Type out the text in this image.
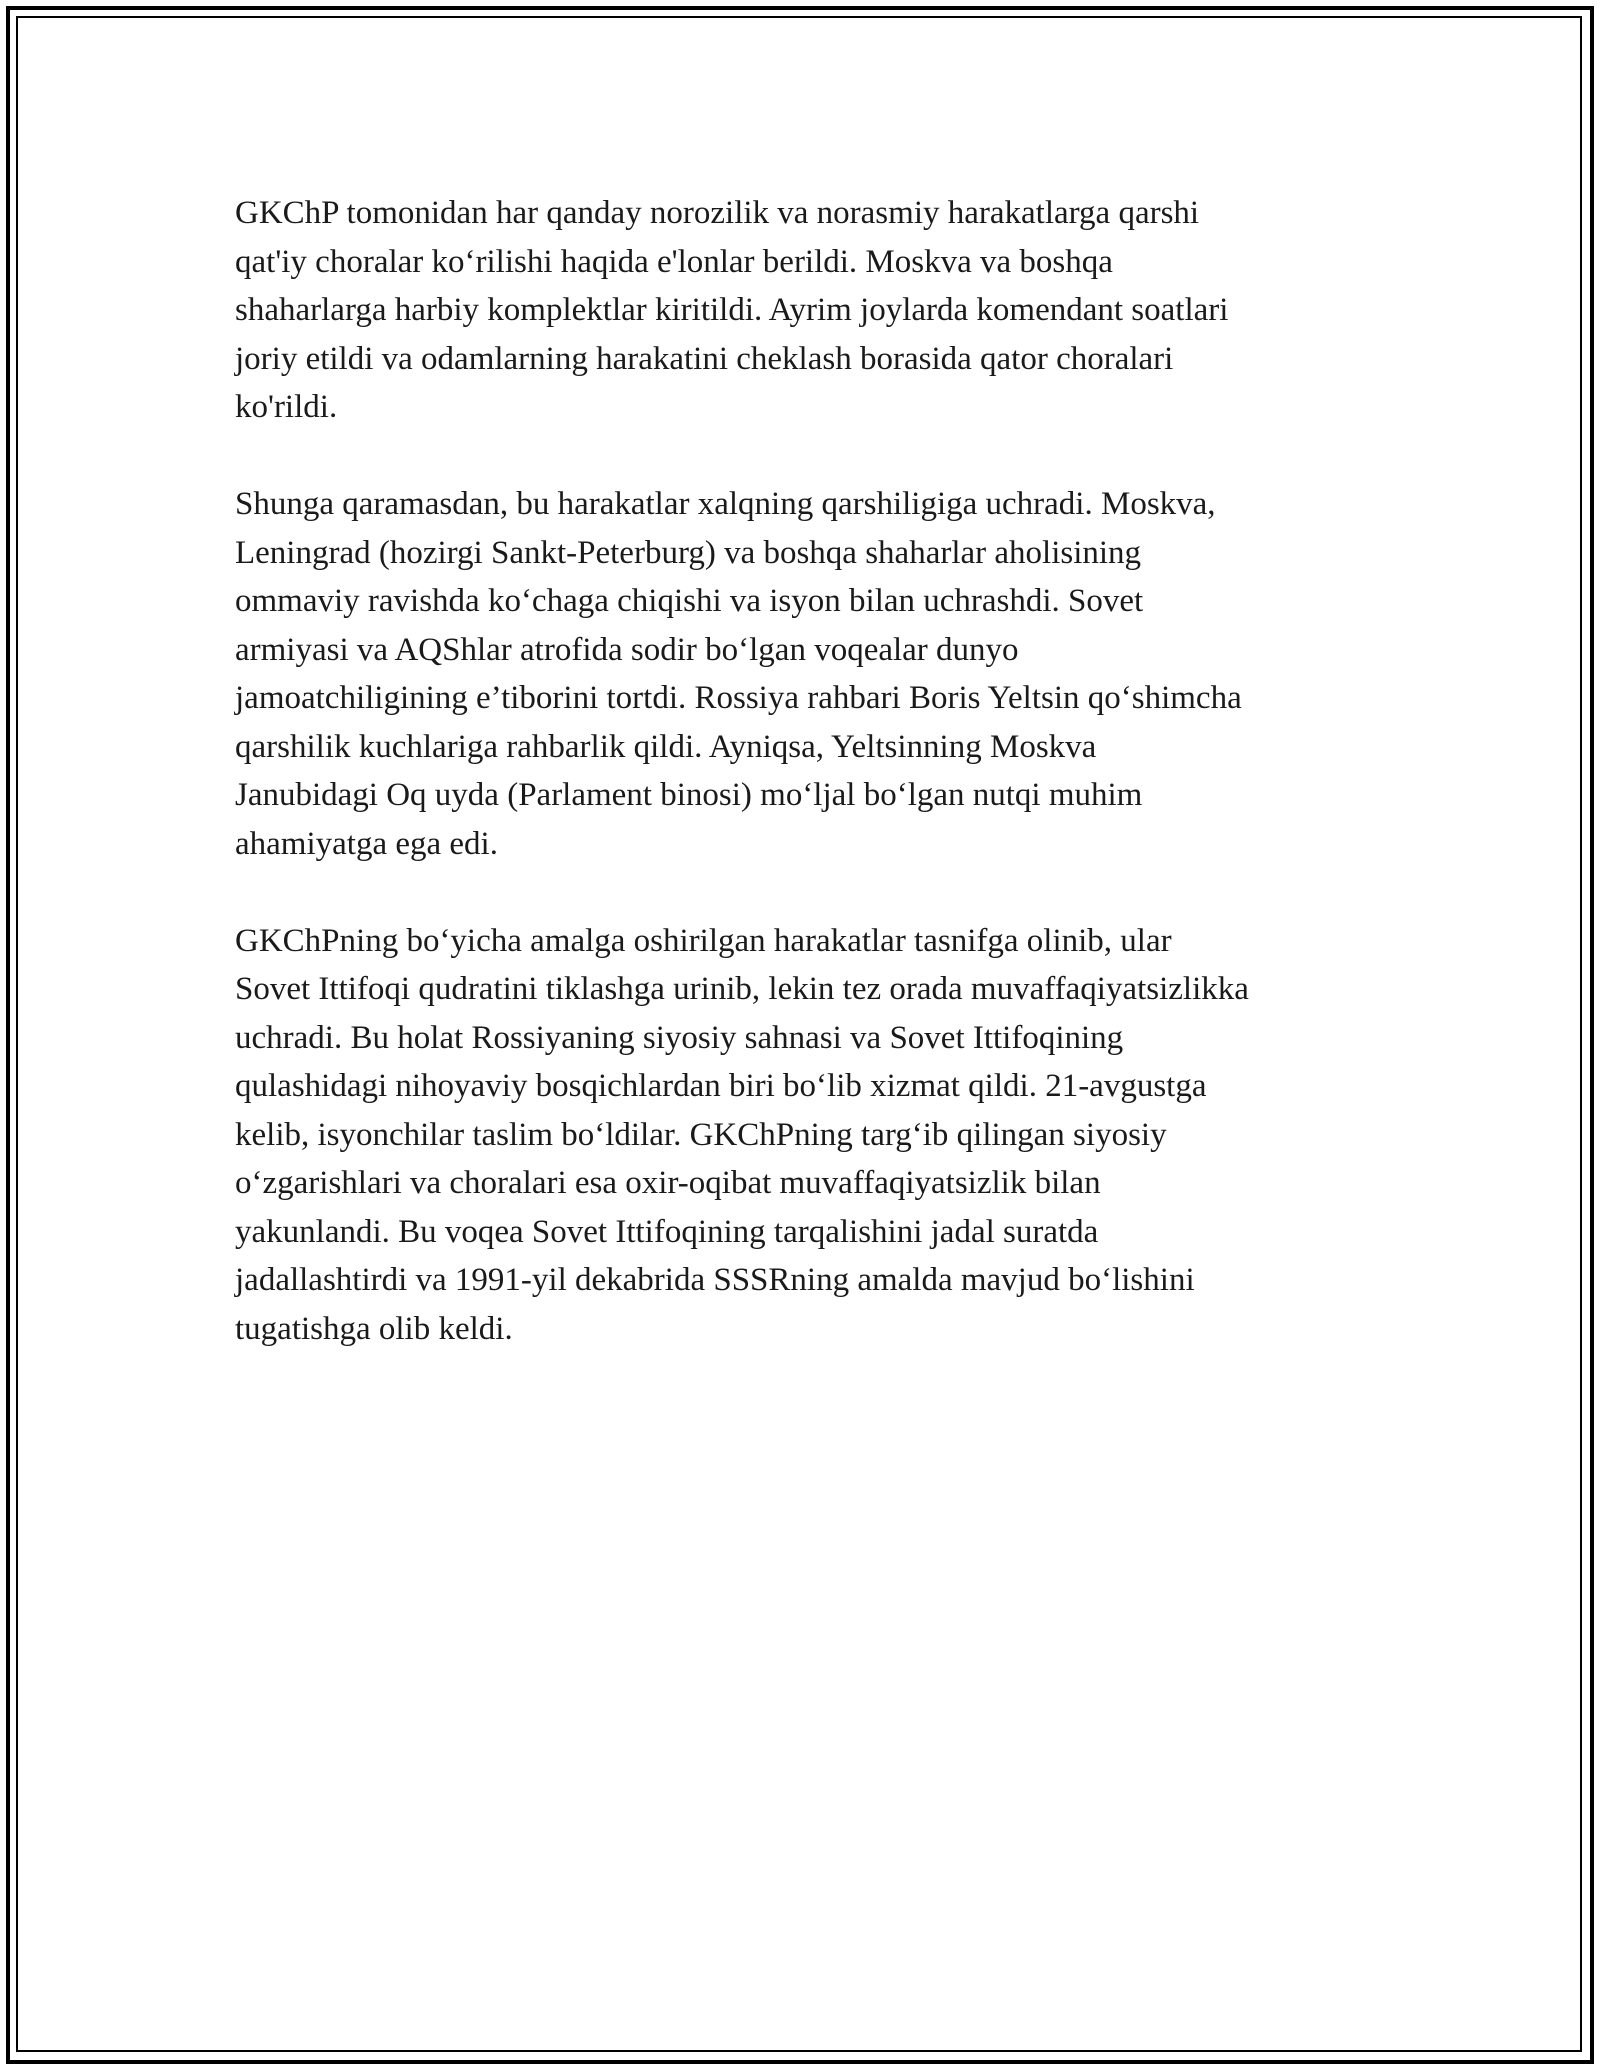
GKChP tomonidan har qanday norozilik va norasmiy harakatlarga qarshi
qat'iy choralar ko‘rilishi haqida e'lonlar berildi. Moskva va boshqa
shaharlarga harbiy komplektlar kiritildi. Ayrim joylarda komendant soatlari
joriy etildi va odamlarning harakatini cheklash borasida qator choralari
ko'rildi.

Shunga qaramasdan, bu harakatlar xalqning qarshiligiga uchradi. Moskva,
Leningrad (hozirgi Sankt-Peterburg) va boshqa shaharlar aholisining
ommaviy ravishda ko‘chaga chiqishi va isyon bilan uchrashdi. Sovet
armiyasi va AQShlar atrofida sodir bo‘lgan voqealar dunyo
jamoatchiligining e’tiborini tortdi. Rossiya rahbari Boris Yeltsin qo‘shimcha
qarshilik kuchlariga rahbarlik qildi. Ayniqsa, Yeltsinning Moskva
Janubidagi Oq uyda (Parlament binosi) mo‘ljal bo‘lgan nutqi muhim
ahamiyatga ega edi.

GKChPning bo‘yicha amalga oshirilgan harakatlar tasnifga olinib, ular
Sovet Ittifoqi qudratini tiklashga urinib, lekin tez orada muvaffaqiyatsizlikka
uchradi. Bu holat Rossiyaning siyosiy sahnasi va Sovet Ittifoqining
qulashidagi nihoyaviy bosqichlardan biri bo‘lib xizmat qildi. 21-avgustga
kelib, isyonchilar taslim bo‘ldilar. GKChPning targ‘ib qilingan siyosiy
o‘zgarishlari va choralari esa oxir-oqibat muvaffaqiyatsizlik bilan
yakunlandi. Bu voqea Sovet Ittifoqining tarqalishini jadal suratda
jadallashtirdi va 1991-yil dekabrida SSSRning amalda mavjud bo‘lishini
tugatishga olib keldi.
